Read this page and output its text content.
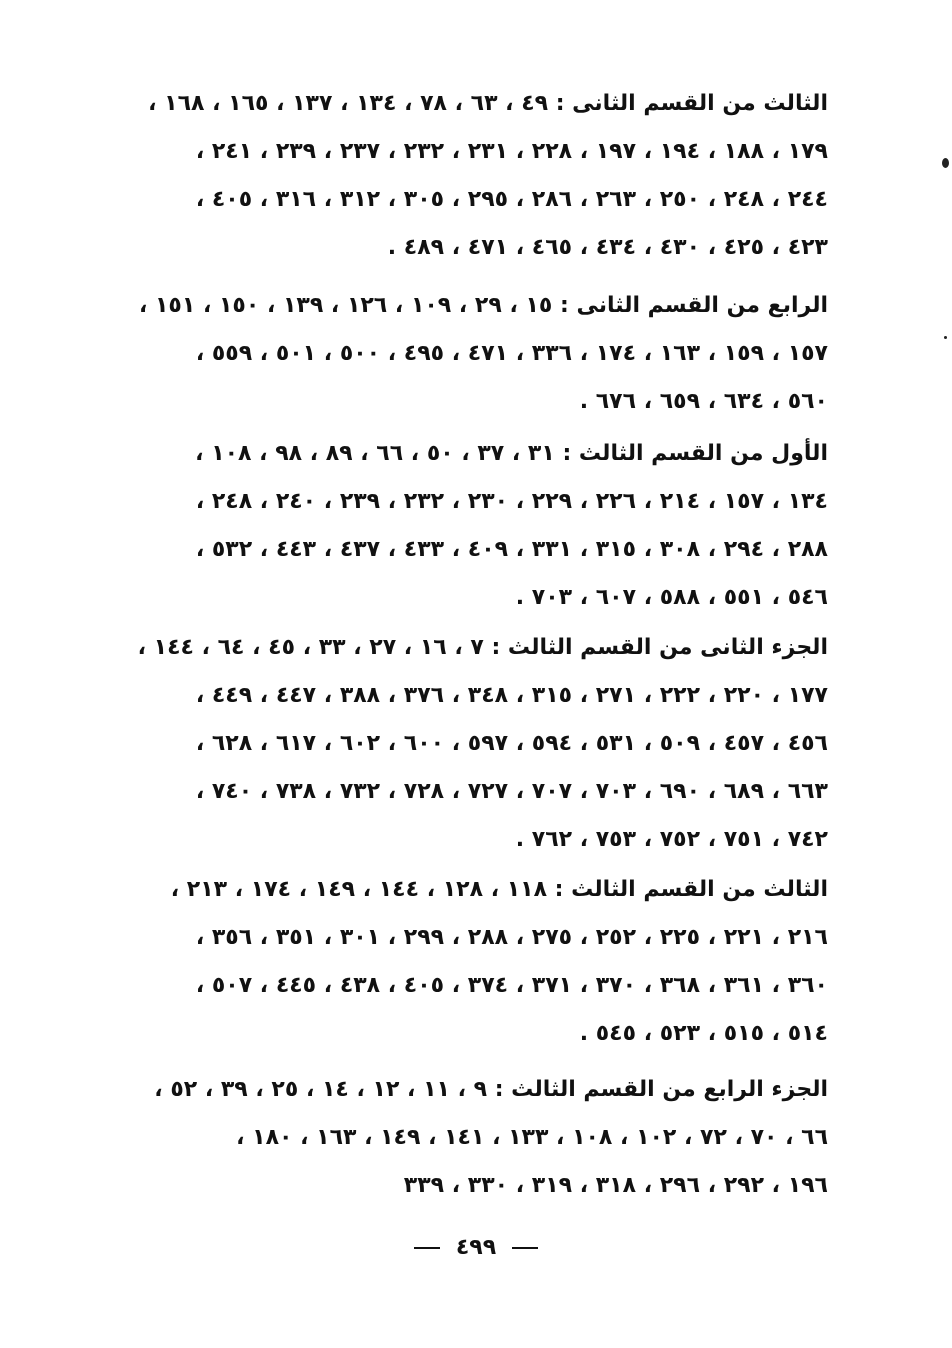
الثالث من القسم الثانى : ٤٩ ، ٦٣ ، ٧٨ ، ١٣٤ ، ١٣٧ ، ١٦٥ ، ١٦٨ ،
١٧٩ ، ١٨٨ ، ١٩٤ ، ١٩٧ ، ٢٢٨ ، ٢٣١ ، ٢٣٢ ، ٢٣٧ ، ٢٣٩ ، ٢٤١ ،
٢٤٤ ، ٢٤٨ ، ٢٥٠ ، ٢٦٣ ، ٢٨٦ ، ٢٩٥ ، ٣٠٥ ، ٣١٢ ، ٣١٦ ، ٤٠٥ ،
٤٢٣ ، ٤٢٥ ، ٤٣٠ ، ٤٣٤ ، ٤٦٥ ، ٤٧١ ، ٤٨٩ .
الرابع من القسم الثانى : ١٥ ، ٢٩ ، ١٠٩ ، ١٢٦ ، ١٣٩ ، ١٥٠ ، ١٥١ ،
١٥٧ ، ١٥٩ ، ١٦٣ ، ١٧٤ ، ٣٣٦ ، ٤٧١ ، ٤٩٥ ، ٥٠٠ ، ٥٠١ ، ٥٥٩ ،
٥٦٠ ، ٦٣٤ ، ٦٥٩ ، ٦٧٦ .
الأول من القسم الثالث : ٣١ ، ٣٧ ، ٥٠ ، ٦٦ ، ٨٩ ، ٩٨ ، ١٠٨ ،
١٣٤ ، ١٥٧ ، ٢١٤ ، ٢٢٦ ، ٢٢٩ ، ٢٣٠ ، ٢٣٢ ، ٢٣٩ ، ٢٤٠ ، ٢٤٨ ،
٢٨٨ ، ٢٩٤ ، ٣٠٨ ، ٣١٥ ، ٣٣١ ، ٤٠٩ ، ٤٣٣ ، ٤٣٧ ، ٤٤٣ ، ٥٣٢ ،
٥٤٦ ، ٥٥١ ، ٥٨٨ ، ٦٠٧ ، ٧٠٣ .
الجزء الثانى من القسم الثالث : ٧ ، ١٦ ، ٢٧ ، ٣٣ ، ٤٥ ، ٦٤ ، ١٤٤ ،
١٧٧ ، ٢٢٠ ، ٢٢٢ ، ٢٧١ ، ٣١٥ ، ٣٤٨ ، ٣٧٦ ، ٣٨٨ ، ٤٤٧ ، ٤٤٩ ،
٤٥٦ ، ٤٥٧ ، ٥٠٩ ، ٥٣١ ، ٥٩٤ ، ٥٩٧ ، ٦٠٠ ، ٦٠٢ ، ٦١٧ ، ٦٢٨ ،
٦٦٣ ، ٦٨٩ ، ٦٩٠ ، ٧٠٣ ، ٧٠٧ ، ٧٢٧ ، ٧٢٨ ، ٧٣٢ ، ٧٣٨ ، ٧٤٠ ،
٧٤٢ ، ٧٥١ ، ٧٥٢ ، ٧٥٣ ، ٧٦٢ .
الثالث من القسم الثالث : ١١٨ ، ١٢٨ ، ١٤٤ ، ١٤٩ ، ١٧٤ ، ٢١٣ ،
٢١٦ ، ٢٢١ ، ٢٢٥ ، ٢٥٢ ، ٢٧٥ ، ٢٨٨ ، ٢٩٩ ، ٣٠١ ، ٣٥١ ، ٣٥٦ ،
٣٦٠ ، ٣٦١ ، ٣٦٨ ، ٣٧٠ ، ٣٧١ ، ٣٧٤ ، ٤٠٥ ، ٤٣٨ ، ٤٤٥ ، ٥٠٧ ،
٥١٤ ، ٥١٥ ، ٥٢٣ ، ٥٤٥ .
الجزء الرابع من القسم الثالث : ٩ ، ١١ ، ١٢ ، ١٤ ، ٢٥ ، ٣٩ ، ٥٢ ،
٦٦ ، ٧٠ ، ٧٢ ، ١٠٢ ، ١٠٨ ، ١٣٣ ، ١٤١ ، ١٤٩ ، ١٦٣ ، ١٨٠ ،
١٩٦ ، ٢٩٢ ، ٢٩٦ ، ٣١٨ ، ٣١٩ ، ٣٣٠ ، ٣٣٩
٤٩٩
